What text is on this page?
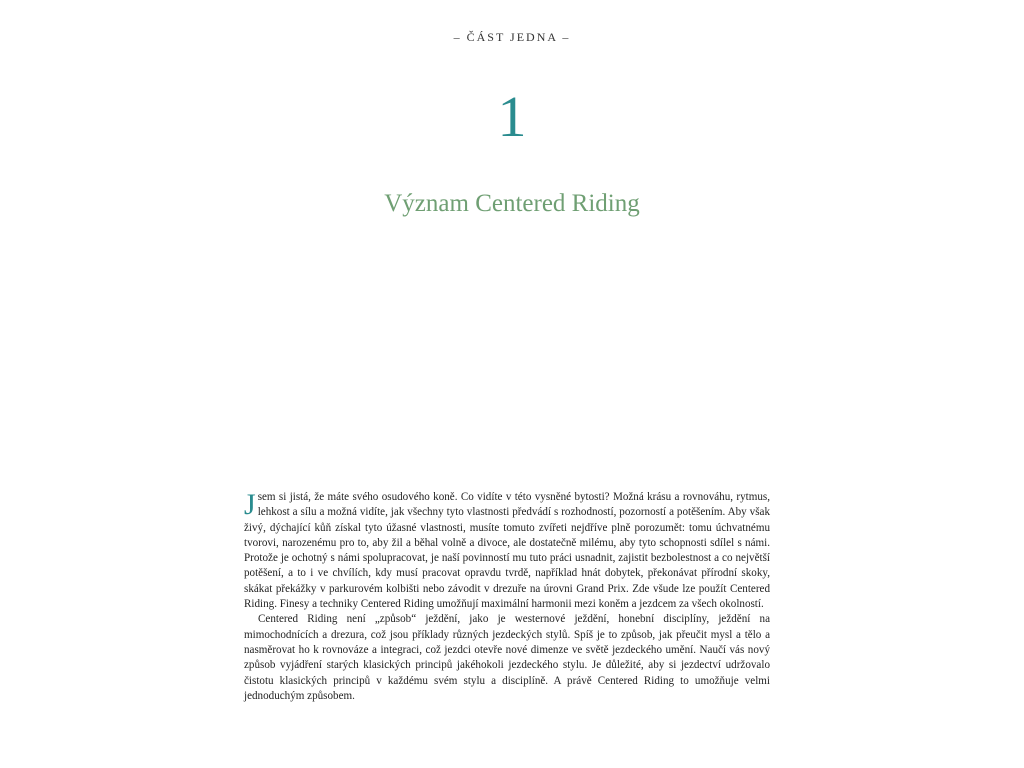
– ČÁST JEDNA –
1
Význam Centered Riding

Jsem si jistá, že máte svého osudového koně. Co vidíte v této vysněné bytosti? Možná krásu a rovnováhu, rytmus, lehkost a sílu a možná vidíte, jak všechny tyto vlastnosti předvádí s rozhodností, pozorností a potěšením. Aby však živý, dýchající kůň získal tyto úžasné vlastnosti, musíte tomuto zvířeti nejdříve plně porozumět: tomu úchvatnému tvorovi, narozenému pro to, aby žil a běhal volně a divoce, ale dostatečně milému, aby tyto schopnosti sdílel s námi. Protože je ochotný s námi spolupracovat, je naší povinností mu tuto práci usnadnit, zajistit bezbolestnost a co největší potěšení, a to i ve chvílích, kdy musí pracovat opravdu tvrdě, například hnát dobytek, překonávat přírodní skoky, skákat překážky v parkurovém kolbišti nebo závodit v drezuře na úrovni Grand Prix. Zde všude lze použít Centered Riding. Finesy a techniky Centered Riding umožňují maximální harmonii mezi koněm a jezdcem za všech okolností.

Centered Riding není „způsob“ ježdění, jako je westernové ježdění, honební disciplíny, ježdění na mimochodnících a drezura, což jsou příklady různých jezdeckých stylů. Spíš je to způsob, jak přeučit mysl a tělo a nasměrovat ho k rovnováze a integraci, což jezdci otevře nové dimenze ve světě jezdeckého umění. Naučí vás nový způsob vyjádření starých klasických principů jakéhokoli jezdeckého stylu. Je důležité, aby si jezdectví udržovalo čistotu klasických principů v každému svém stylu a disciplíně. A právě Centered Riding to umožňuje velmi jednoduchým způsobem.
